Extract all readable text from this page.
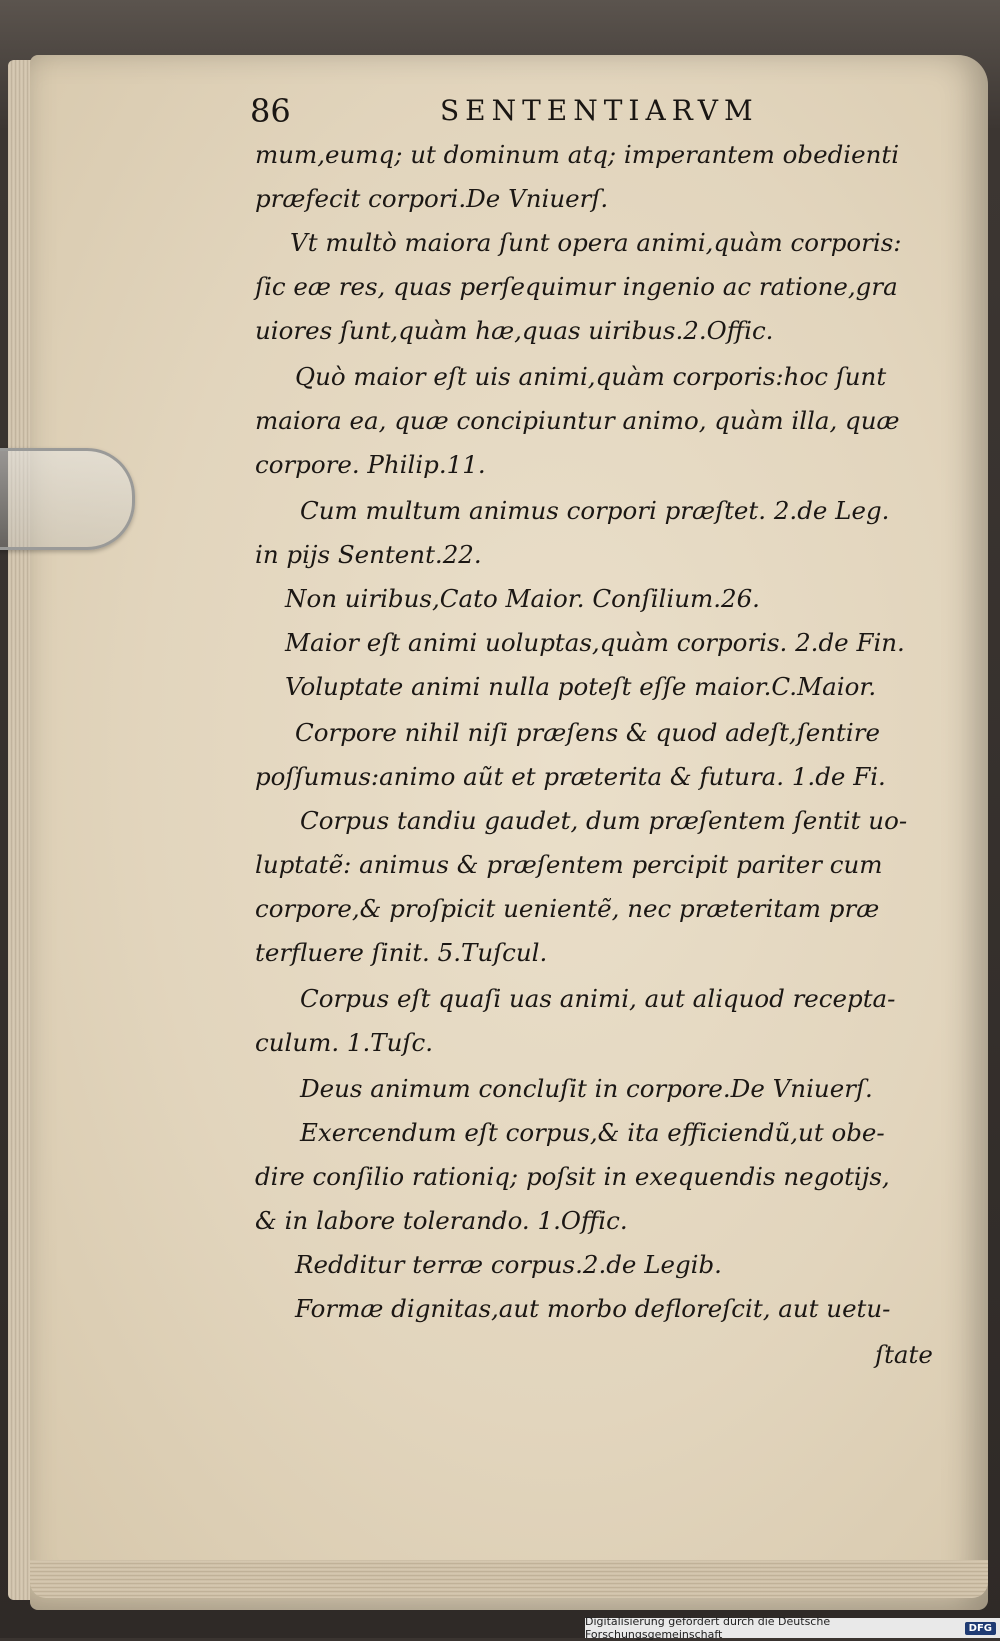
86	SENTENTIARVM
mum,eumq; ut dominum atq; imperantem obedienti
præfecit corpori.De Vniuerſ.
Vt multò maiora ſunt opera animi,quàm corporis:
ſic eæ res, quas perſequimur ingenio ac ratione,gra
uiores ſunt,quàm hæ,quas uiribus.2.Offic.
Quò maior eſt uis animi,quàm corporis:hoc ſunt
maiora ea, quæ concipiuntur animo, quàm illa, quæ
corpore. Philip.11.
Cum multum animus corpori præſtet. 2.de Leg.
in pijs Sentent.22.
Non uiribus,Cato Maior. Conſilium.26.
Maior eſt animi uoluptas,quàm corporis. 2.de Fin.
Voluptate animi nulla poteſt eſſe maior.C.Maior.
Corpore nihil niſi præſens & quod adeſt,ſentire
poſſumus:animo aũt et præterita & futura. 1.de Fi.
Corpus tandiu gaudet, dum præſentem ſentit uo-
luptatẽ: animus & præſentem percipit pariter cum
corpore,& proſpicit uenientẽ, nec præteritam præ
terfluere ſinit. 5.Tuſcul.
Corpus eſt quaſi uas animi, aut aliquod recepta-
culum. 1.Tuſc.
Deus animum concluſit in corpore.De Vniuerſ.
Exercendum eſt corpus,& ita efficiendũ,ut obe-
dire conſilio rationiq; poſsit in exequendis negotijs,
& in labore tolerando. 1.Offic.
Redditur terræ corpus.2.de Legib.
Formæ dignitas,aut morbo defloreſcit, aut uetu-
ſtate
Digitalisierung gefördert durch die Deutsche Forschungsgemeinschaft	DFG
